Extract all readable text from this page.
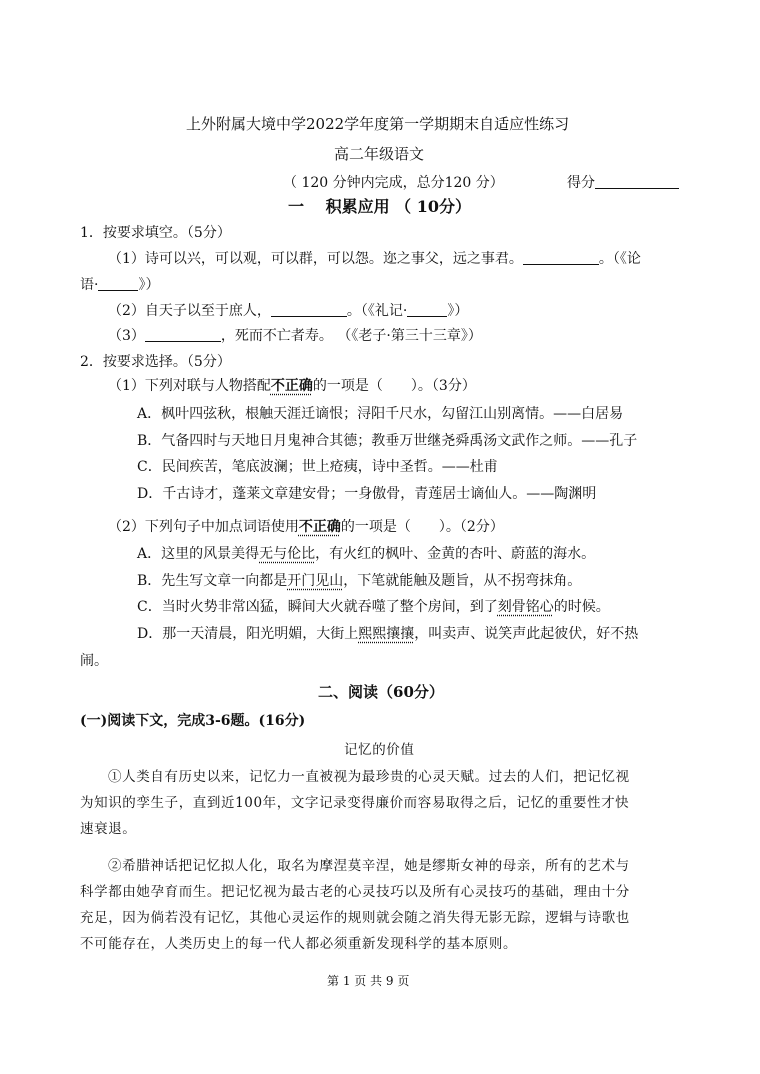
上外附属大境中学2022学年度第一学期期末自适应性练习
高二年级语文
（ 120 分钟内完成，总分120 分）	得分
一　 积累应用 （ 10分）
1．按要求填空。（5分）
（1）诗可以兴，可以观，可以群，可以怨。迩之事父，远之事君。	。（《论
语·	》）
（2）自天子以至于庶人，	。（《礼记·	》）
（3）	，死而不亡者寿。 （《老子·第三十三章》）
2．按要求选择。（5分）
（1）下列对联与人物搭配不正确的一项是（　　）。（3分）
A．枫叶四弦秋，根触天涯迁谪恨；浔阳千尺水，勾留江山别离情。——白居易
B．气备四时与天地日月鬼神合其德；教垂万世继尧舜禹汤文武作之师。——孔子
C．民间疾苦，笔底波澜；世上疮痍，诗中圣哲。——杜甫
D．千古诗才，蓬莱文章建安骨；一身傲骨，青莲居士谪仙人。——陶渊明
（2）下列句子中加点词语使用不正确的一项是（　　）。（2分）
A．这里的风景美得无与伦比，有火红的枫叶、金黄的杏叶、蔚蓝的海水。
B．先生写文章一向都是开门见山，下笔就能触及题旨，从不拐弯抹角。
C．当时火势非常凶猛，瞬间大火就吞噬了整个房间，到了刻骨铭心的时候。
D．那一天清晨，阳光明媚，大街上熙熙攘攘，叫卖声、说笑声此起彼伏，好不热
闹。
二、阅读（60分）
(一)阅读下文，完成3-6题。(16分)
记忆的价值
①人类自有历史以来，记忆力一直被视为最珍贵的心灵天赋。过去的人们，把记忆视
为知识的孪生子，直到近100年，文字记录变得廉价而容易取得之后，记忆的重要性才快
速衰退。
②希腊神话把记忆拟人化，取名为摩涅莫辛涅，她是缪斯女神的母亲，所有的艺术与
科学都由她孕育而生。把记忆视为最古老的心灵技巧以及所有心灵技巧的基础，理由十分
充足，因为倘若没有记忆，其他心灵运作的规则就会随之消失得无影无踪，逻辑与诗歌也
不可能存在，人类历史上的每一代人都必须重新发现科学的基本原则。
第 1 页 共 9 页
